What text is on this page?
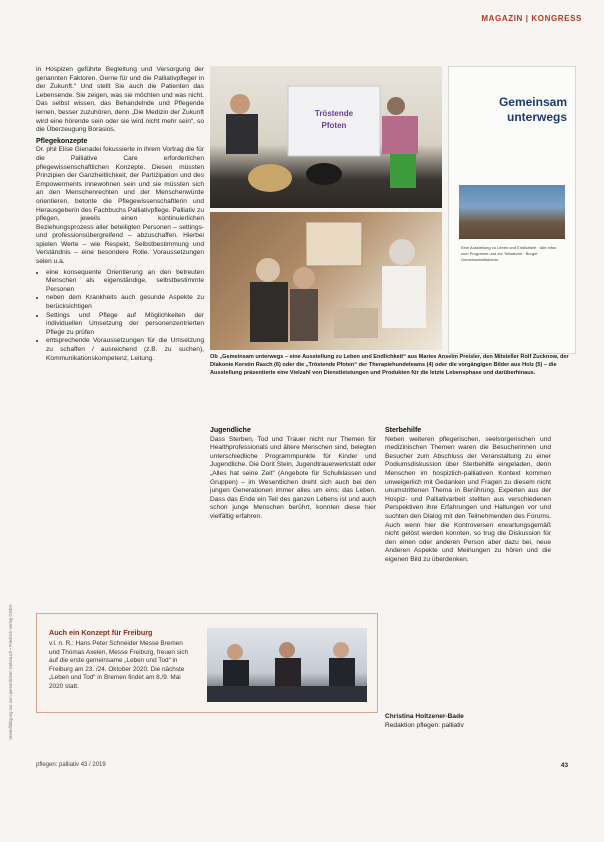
MAGAZIN | KONGRESS

in Hospizen geführte Begleitung und Versorgung der genannten Faktoren. Gerne für und die Palliativpfleger in der Zukunft.“ Und stellt Sie auch die Patienten das Lebensende. Sie zeigen, was sie möchten und was nicht. Das selbst wissen, das Behandelnde und Pflegende lernen, besser zuzuhören, denn „Die Medizin der Zukunft wird eine hörende sein oder sie wird nicht mehr sein“, so die Überzeugung Borasios.

Pflegekonzepte

Dr. phil Elise Gienadei fokussierte in ihrem Vortrag die für die Palliative Care erforderlichen pflegewissenschaftlichen Konzepte. Diesen müssten Prinzipien der Ganzheitlichkeit, der Partizipation und des Empowerments innewohnen sein und sie müssten sich an den Menschenrechten und der Menschenwürde orientieren, betonte die Pflegewissenschaftlerin und Herausgeberin des Fachbuchs Palliativpflege. Palliativ zu pflegen, jeweils einen kontinuierlichen Beziehungsprozess aller beteiligten Personen – settings- und professionsübergreifend – abzuschaffen. Hierbei spielen Werte – wie Respekt, Selbstbestimmung und Verständnis – eine besondere Rolle. Voraussetzungen seien u.a.

• eine konsequente Orientierung an den betreuten Menschen als eigenständige, selbstbestimmte Personen
• neben dem Krankheits auch gesunde Aspekte zu berücksichtigen
• Settings und Pflege auf Möglichkeiten der individuellen Umsetzung der personenzentrierten Pflege zu prüfen
• entsprechende Voraussetzungen für die Umsetzung zu schaffen / ausreichend (z.B. zu suchen), Kommunikationskompetenz, Leitung.
Tröstende
Pfoten
Gemeinsam
unterwegs
Eine Ausstellung zu Leben und Endlichkeit · Alle Infos zum Programm und zur Teilnahme · Burger Gemeinschaftskirche
Ob „Gemeinsam unterwegs – eine Ausstellung zu Leben und Endlichkeit“ aus Maries Anselm Preisler, den Mitsteller Rolf Zucknow, der Diakonie Kerstin Rasch (6) oder die „Tröstende Pfoten“ der Therapiehundeteams (4) oder die vorgängigen Bilder aus Holz (5) – die Ausstellung präsentierte eine Vielzahl von Dienstleistungen und Produkten für die letzte Lebensphase und darüberhinaus.
Jugendliche

Dass Sterben, Tod und Trauer nicht nur Themen für Healthprofessionals und ältere Menschen sind, belegten unterschiedliche Programmpunkte für Kinder und Jugendliche. Die Dorit Stein, Jugendtrauerwerkstatt oder „Alles hat seine Zeit“ (Angebote für Schulklassen und Gruppen) – im Wesentlichen dreht sich auch bei den jungen Generationen immer alles um eins: das Leben. Dass das Ende ein Teil des ganzen Lebens ist und auch schon junge Menschen berührt, konnten diese hier vielfältig erfahren.

Sterbehilfe

Neben weiteren pflegerischen, seelsorgerischen und medizinischen Themen waren die Besucherinnen und Besucher zum Abschluss der Veranstaltung zu einer Podiumsdiskussion über Sterbehilfe eingeladen, denn Menschen im hospizlich-palliativen Kontext kommen unweigerlich mit Gedanken und Fragen zu diesem nicht unumstrittenen Thema in Berührung. Experten aus der Hospiz- und Palliativarbeit stellten aus verschiedenen Perspektiven ihre Erfahrungen und Haltungen vor und suchten den Dialog mit den Teilnehmenden des Forums. Auch wenn hier die Kontroversen erwartungsgemäß nicht gelöst werden konnten, so trug die Diskussion für den einen oder anderen Person aber dazu bei, neue Anderen Aspekte und Meinungen zu hören und die eigenen Bild zu überdenken.

Christina Holtzener-Bade
Redaktion pflegen: palliativ
Auch ein Konzept für Freiburg
v.l. n. R.: Hans Peter Schneider Messe Bremen und Thomas Axelen, Messe Freiburg, freuen sich auf die erste gemeinsame „Leben und Tod“ in Freiburg am 23. /24. Oktober 2020. Die nächste „Leben und Tod“ in Bremen findet am 8./9. Mai 2020 statt.
Vervielfältigung nur zum persönlichen Gebrauch • Friedrich Verlag GmbH
pflegen: palliativ 43 / 2019	43
